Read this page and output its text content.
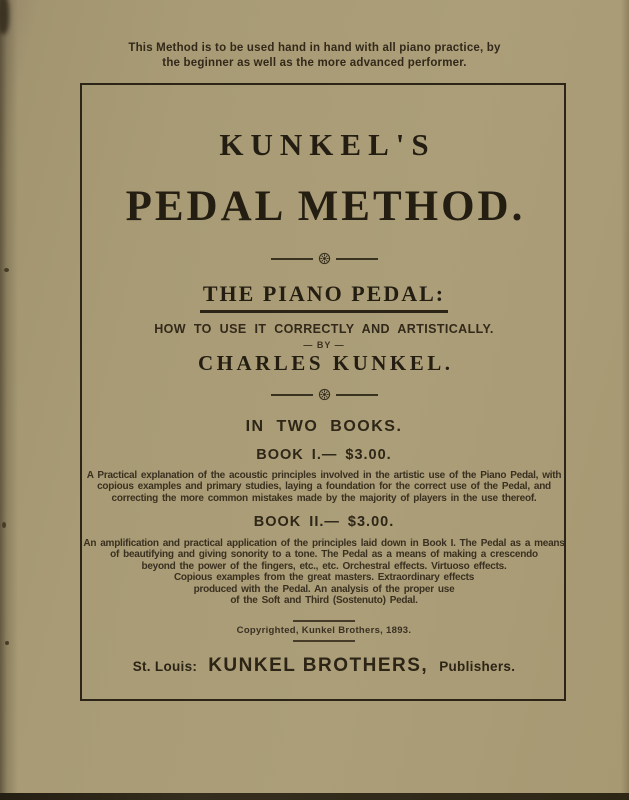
This Method is to be used hand in hand with all piano practice, by
the beginner as well as the more advanced performer.
KUNKEL'S
PEDAL METHOD.
THE PIANO PEDAL:
HOW TO USE IT CORRECTLY AND ARTISTICALLY.
— BY —
CHARLES KUNKEL.
IN TWO BOOKS.
BOOK I.— $3.00.
A Practical explanation of the acoustic principles involved in the artistic use of the Piano Pedal, with
copious examples and primary studies, laying a foundation for the correct use of the Pedal, and
correcting the more common mistakes made by the majority of players in the use thereof.
BOOK II.— $3.00.
An amplification and practical application of the principles laid down in Book I. The Pedal as a means
of beautifying and giving sonority to a tone. The Pedal as a means of making a crescendo
beyond the power of the fingers, etc., etc. Orchestral effects. Virtuoso effects.
Copious examples from the great masters. Extraordinary effects
produced with the Pedal. An analysis of the proper use
of the Soft and Third (Sostenuto) Pedal.
Copyrighted, Kunkel Brothers, 1893.
St. Louis: KUNKEL BROTHERS, Publishers.
